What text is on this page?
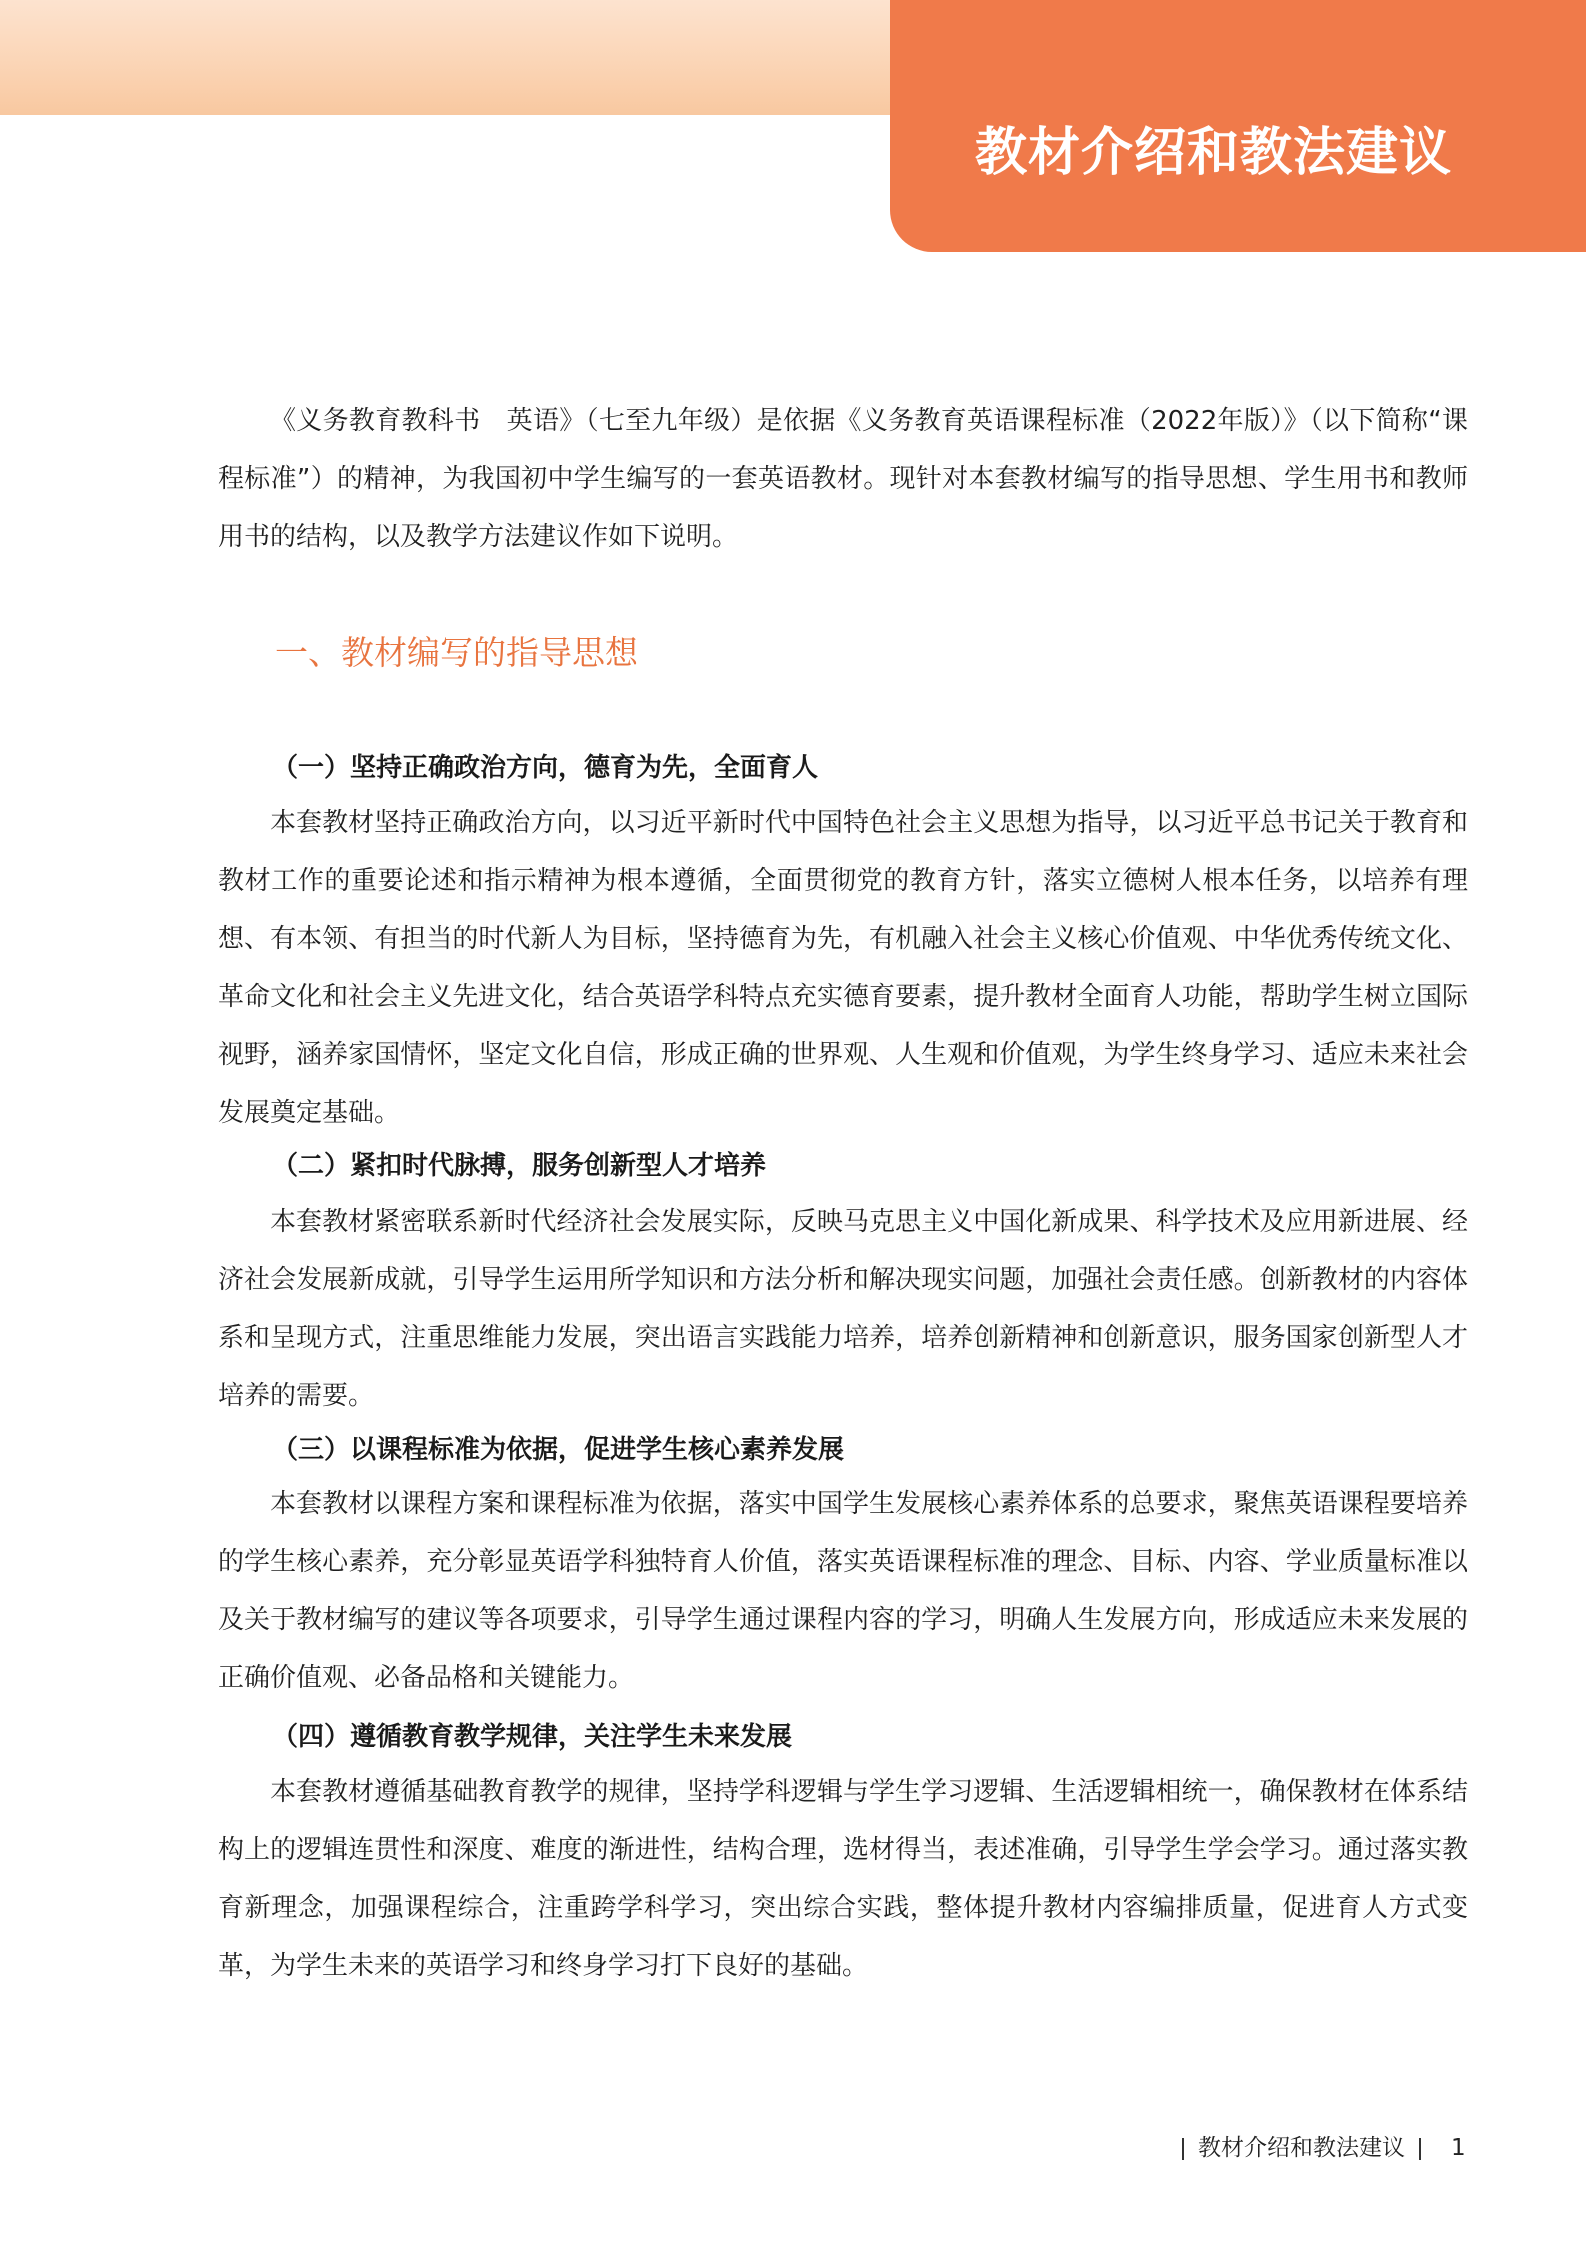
教材介绍和教法建议

《义务教育教科书　英语》（七至九年级）是依据《义务教育英语课程标准（2022年版）》（以下简称“课程标准”）的精神，为我国初中学生编写的一套英语教材。现针对本套教材编写的指导思想、学生用书和教师用书的结构，以及教学方法建议作如下说明。

一、教材编写的指导思想
（一）坚持正确政治方向，德育为先，全面育人

本套教材坚持正确政治方向，以习近平新时代中国特色社会主义思想为指导，以习近平总书记关于教育和教材工作的重要论述和指示精神为根本遵循，全面贯彻党的教育方针，落实立德树人根本任务，以培养有理想、有本领、有担当的时代新人为目标，坚持德育为先，有机融入社会主义核心价值观、中华优秀传统文化、革命文化和社会主义先进文化，结合英语学科特点充实德育要素，提升教材全面育人功能，帮助学生树立国际视野，涵养家国情怀，坚定文化自信，形成正确的世界观、人生观和价值观，为学生终身学习、适应未来社会发展奠定基础。

（二）紧扣时代脉搏，服务创新型人才培养

本套教材紧密联系新时代经济社会发展实际，反映马克思主义中国化新成果、科学技术及应用新进展、经济社会发展新成就，引导学生运用所学知识和方法分析和解决现实问题，加强社会责任感。创新教材的内容体系和呈现方式，注重思维能力发展，突出语言实践能力培养，培养创新精神和创新意识，服务国家创新型人才培养的需要。

（三）以课程标准为依据，促进学生核心素养发展

本套教材以课程方案和课程标准为依据，落实中国学生发展核心素养体系的总要求，聚焦英语课程要培养的学生核心素养，充分彰显英语学科独特育人价值，落实英语课程标准的理念、目标、内容、学业质量标准以及关于教材编写的建议等各项要求，引导学生通过课程内容的学习，明确人生发展方向，形成适应未来发展的正确价值观、必备品格和关键能力。

（四）遵循教育教学规律，关注学生未来发展

本套教材遵循基础教育教学的规律，坚持学科逻辑与学生学习逻辑、生活逻辑相统一，确保教材在体系结构上的逻辑连贯性和深度、难度的渐进性，结构合理，选材得当，表述准确，引导学生学会学习。通过落实教育新理念，加强课程综合，注重跨学科学习，突出综合实践，整体提升教材内容编排质量，促进育人方式变革，为学生未来的英语学习和终身学习打下良好的基础。

教材介绍和教法建议 1
